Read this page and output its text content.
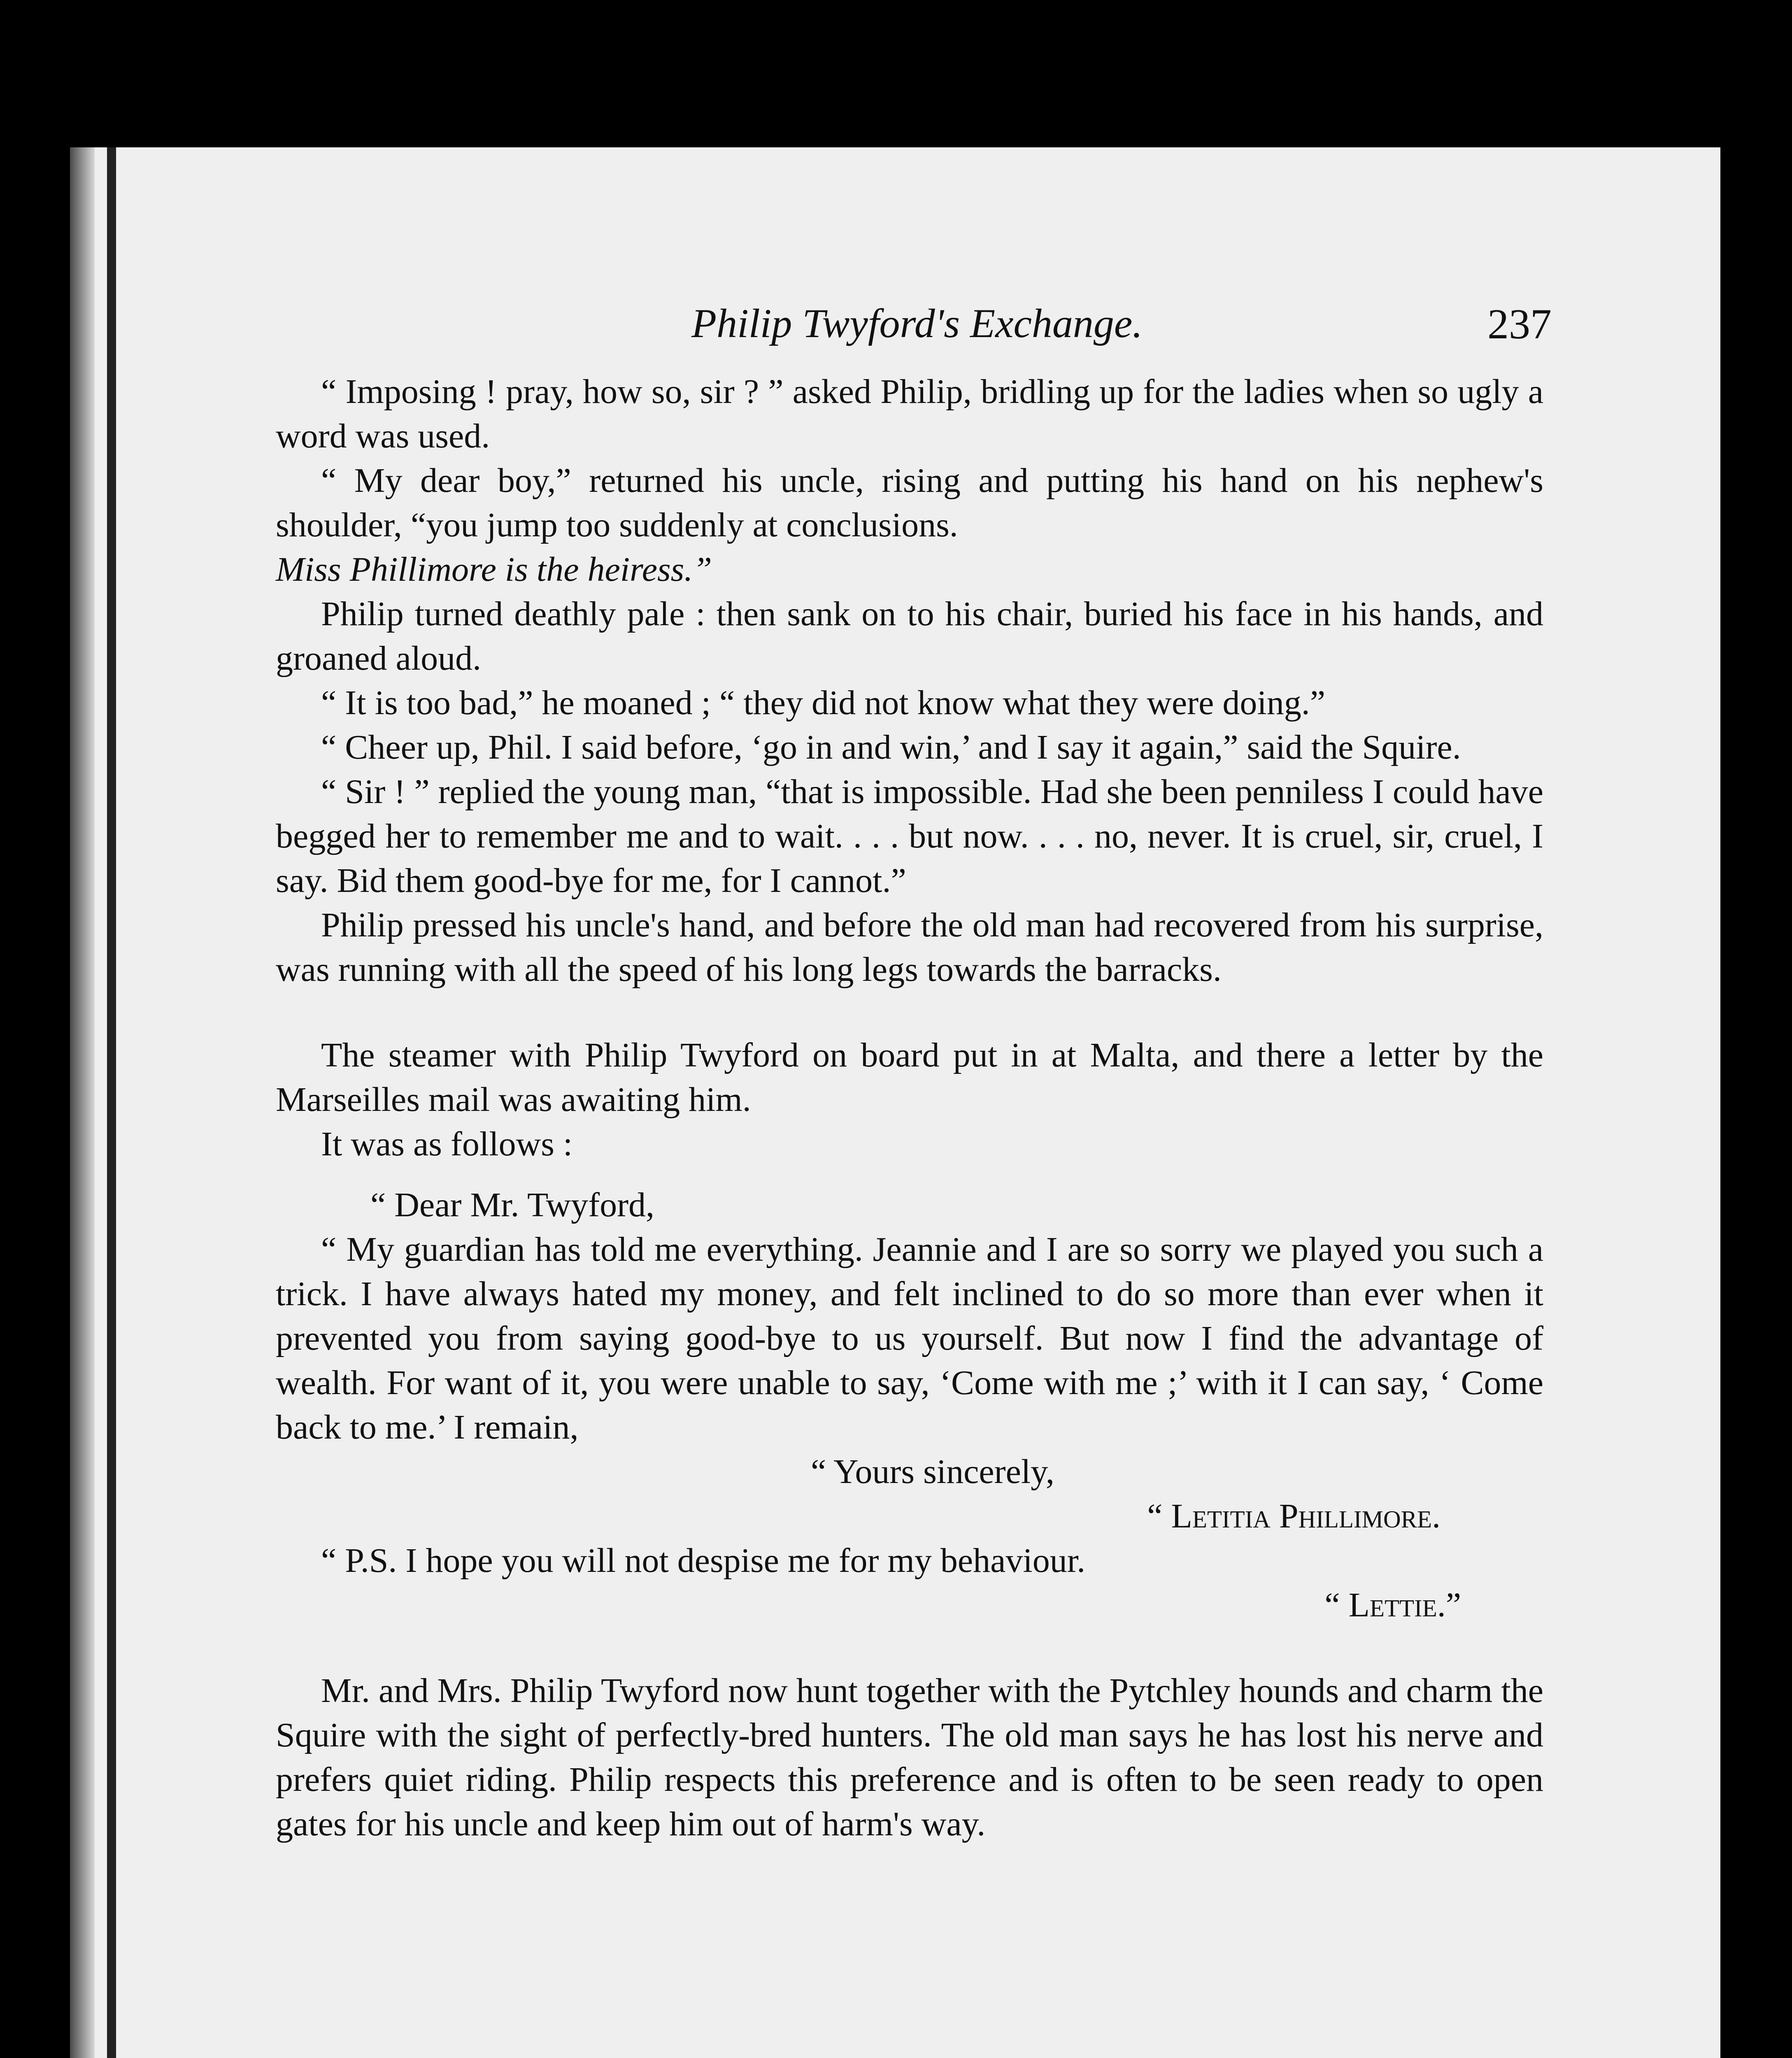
Philip Twyford's Exchange.	237

“ Imposing ! pray, how so, sir ? ” asked Philip, bridling up for the ladies when so ugly a word was used.

“ My dear boy,” returned his uncle, rising and putting his hand on his nephew's shoulder, “you jump too suddenly at conclusions.

Miss Phillimore is the heiress.”

Philip turned deathly pale : then sank on to his chair, buried his face in his hands, and groaned aloud.

“ It is too bad,” he moaned ; “ they did not know what they were doing.”

“ Cheer up, Phil. I said before, ‘go in and win,’ and I say it again,” said the Squire.

“ Sir ! ” replied the young man, “that is impossible. Had she been penniless I could have begged her to remember me and to wait. . . . but now. . . . no, never. It is cruel, sir, cruel, I say. Bid them good-bye for me, for I cannot.”

Philip pressed his uncle's hand, and before the old man had recovered from his surprise, was running with all the speed of his long legs towards the barracks.

The steamer with Philip Twyford on board put in at Malta, and there a letter by the Marseilles mail was awaiting him.

It was as follows :

“ Dear Mr. Twyford,

“ My guardian has told me everything. Jeannie and I are so sorry we played you such a trick. I have always hated my money, and felt inclined to do so more than ever when it prevented you from saying good-bye to us yourself. But now I find the advantage of wealth. For want of it, you were unable to say, ‘Come with me ;’ with it I can say, ‘ Come back to me.’ I remain,

“ Yours sincerely,

“ Letitia Phillimore.

“ P.S. I hope you will not despise me for my behaviour.

“ Lettie.”

Mr. and Mrs. Philip Twyford now hunt together with the Pytchley hounds and charm the Squire with the sight of perfectly-bred hunters. The old man says he has lost his nerve and prefers quiet riding. Philip respects this preference and is often to be seen ready to open gates for his uncle and keep him out of harm's way.
